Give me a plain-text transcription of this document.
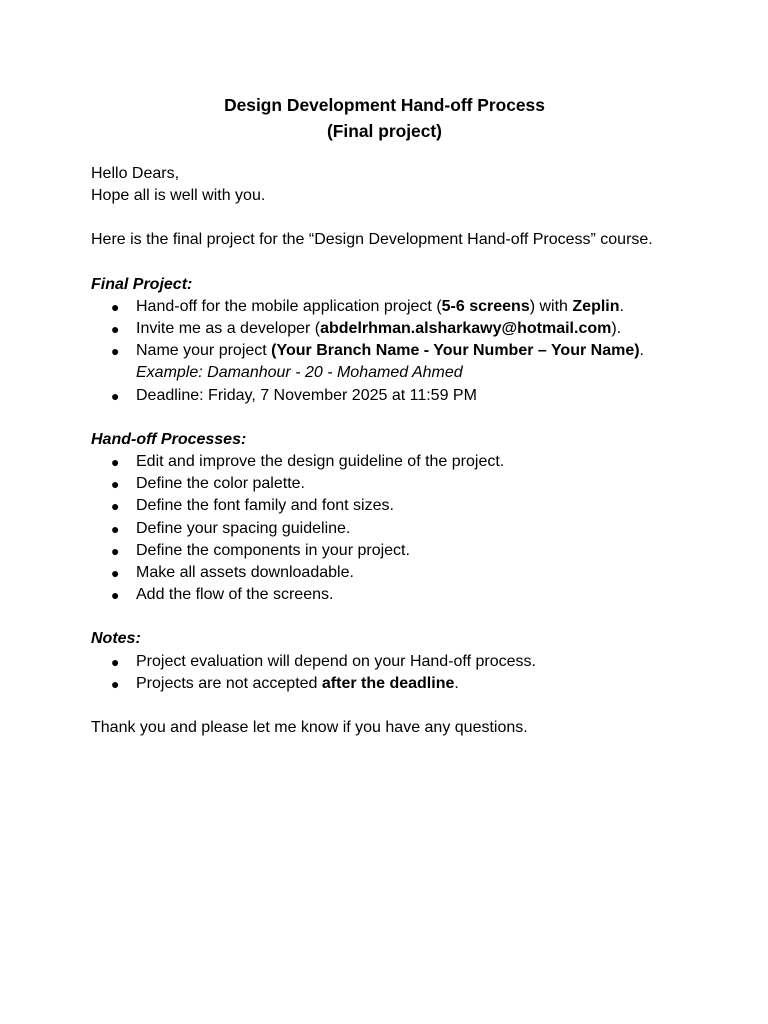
Design Development Hand-off Process
(Final project)

Hello Dears,

Hope all is well with you.

Here is the final project for the “Design Development Hand-off Process” course.

Final Project:

● Hand-off for the mobile application project (5-6 screens) with Zeplin.
● Invite me as a developer (abdelrhman.alsharkawy@hotmail.com).
● Name your project (Your Branch Name - Your Number – Your Name).
Example: Damanhour - 20 - Mohamed Ahmed
● Deadline: Friday, 7 November 2025 at 11:59 PM

Hand-off Processes:

● Edit and improve the design guideline of the project.
● Define the color palette.
● Define the font family and font sizes.
● Define your spacing guideline.
● Define the components in your project.
● Make all assets downloadable.
● Add the flow of the screens.

Notes:

● Project evaluation will depend on your Hand-off process.
● Projects are not accepted after the deadline.

Thank you and please let me know if you have any questions.
